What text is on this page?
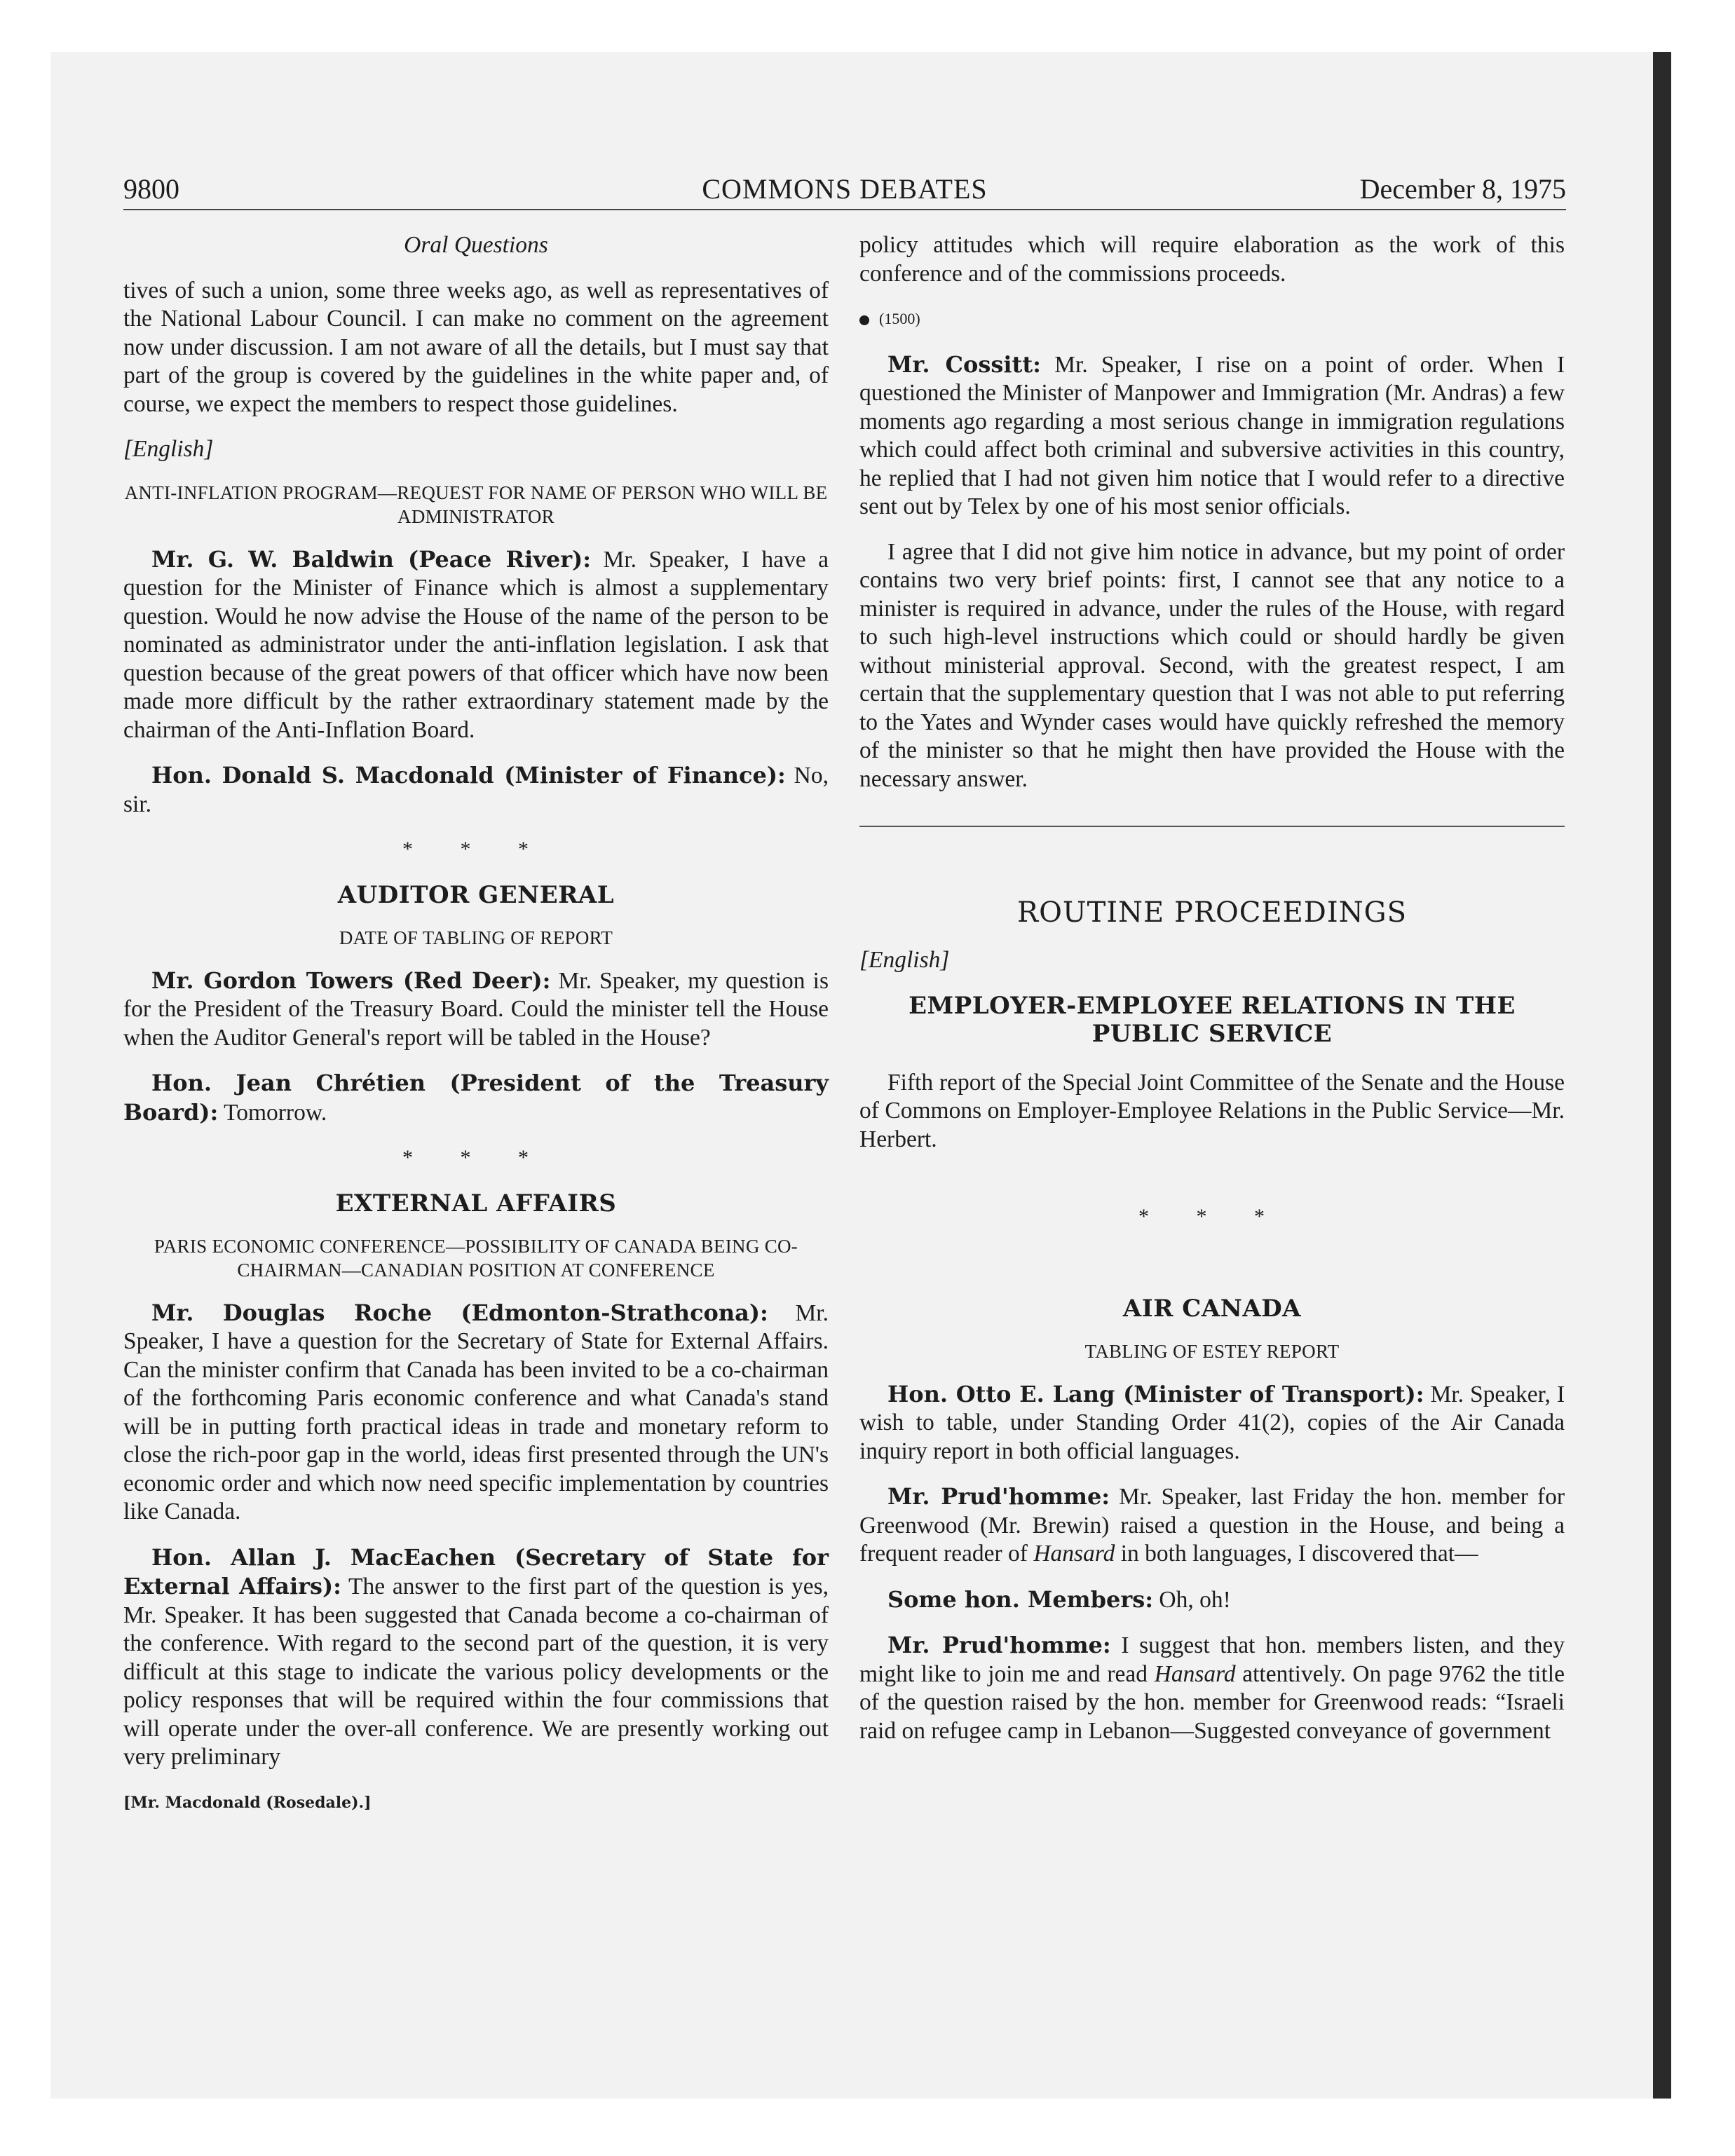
9800	COMMONS DEBATES	December 8, 1975

Oral Questions

tives of such a union, some three weeks ago, as well as representatives of the National Labour Council. I can make no comment on the agreement now under discussion. I am not aware of all the details, but I must say that part of the group is covered by the guidelines in the white paper and, of course, we expect the members to respect those guidelines.

[English]

ANTI-INFLATION PROGRAM—REQUEST FOR NAME OF PERSON WHO WILL BE ADMINISTRATOR

Mr. G. W. Baldwin (Peace River): Mr. Speaker, I have a question for the Minister of Finance which is almost a supplementary question. Would he now advise the House of the name of the person to be nominated as administrator under the anti-inflation legislation. I ask that question because of the great powers of that officer which have now been made more difficult by the rather extraordinary statement made by the chairman of the Anti-Inflation Board.

Hon. Donald S. Macdonald (Minister of Finance): No, sir.

* * *

AUDITOR GENERAL

DATE OF TABLING OF REPORT

Mr. Gordon Towers (Red Deer): Mr. Speaker, my question is for the President of the Treasury Board. Could the minister tell the House when the Auditor General's report will be tabled in the House?

Hon. Jean Chrétien (President of the Treasury Board): Tomorrow.

* * *

EXTERNAL AFFAIRS

PARIS ECONOMIC CONFERENCE—POSSIBILITY OF CANADA BEING CO-CHAIRMAN—CANADIAN POSITION AT CONFERENCE

Mr. Douglas Roche (Edmonton-Strathcona): Mr. Speaker, I have a question for the Secretary of State for External Affairs. Can the minister confirm that Canada has been invited to be a co-chairman of the forthcoming Paris economic conference and what Canada's stand will be in putting forth practical ideas in trade and monetary reform to close the rich-poor gap in the world, ideas first presented through the UN's economic order and which now need specific implementation by countries like Canada.

Hon. Allan J. MacEachen (Secretary of State for External Affairs): The answer to the first part of the question is yes, Mr. Speaker. It has been suggested that Canada become a co-chairman of the conference. With regard to the second part of the question, it is very difficult at this stage to indicate the various policy developments or the policy responses that will be required within the four commissions that will operate under the over-all conference. We are presently working out very preliminary

[Mr. Macdonald (Rosedale).]

policy attitudes which will require elaboration as the work of this conference and of the commissions proceeds.

(1500)

Mr. Cossitt: Mr. Speaker, I rise on a point of order. When I questioned the Minister of Manpower and Immigration (Mr. Andras) a few moments ago regarding a most serious change in immigration regulations which could affect both criminal and subversive activities in this country, he replied that I had not given him notice that I would refer to a directive sent out by Telex by one of his most senior officials.

I agree that I did not give him notice in advance, but my point of order contains two very brief points: first, I cannot see that any notice to a minister is required in advance, under the rules of the House, with regard to such high-level instructions which could or should hardly be given without ministerial approval. Second, with the greatest respect, I am certain that the supplementary question that I was not able to put referring to the Yates and Wynder cases would have quickly refreshed the memory of the minister so that he might then have provided the House with the necessary answer.

ROUTINE PROCEEDINGS

[English]

EMPLOYER-EMPLOYEE RELATIONS IN THE PUBLIC SERVICE

Fifth report of the Special Joint Committee of the Senate and the House of Commons on Employer-Employee Relations in the Public Service—Mr. Herbert.

* * *

AIR CANADA

TABLING OF ESTEY REPORT

Hon. Otto E. Lang (Minister of Transport): Mr. Speaker, I wish to table, under Standing Order 41(2), copies of the Air Canada inquiry report in both official languages.

Mr. Prud'homme: Mr. Speaker, last Friday the hon. member for Greenwood (Mr. Brewin) raised a question in the House, and being a frequent reader of Hansard in both languages, I discovered that—

Some hon. Members: Oh, oh!

Mr. Prud'homme: I suggest that hon. members listen, and they might like to join me and read Hansard attentively. On page 9762 the title of the question raised by the hon. member for Greenwood reads: “Israeli raid on refugee camp in Lebanon—Suggested conveyance of government
